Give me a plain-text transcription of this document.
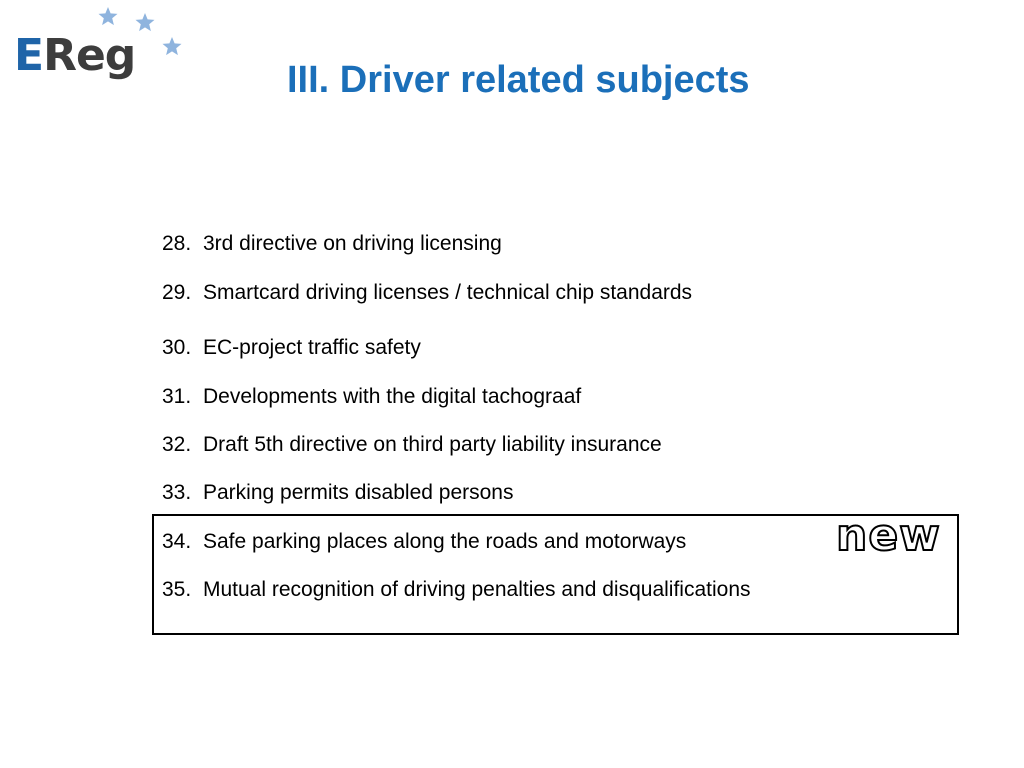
EReg	III. Driver related subjects
28. 3rd directive on driving licensing
29. Smartcard driving licenses / technical chip standards
30. EC-project traffic safety
31. Developments with the digital tachograaf
32. Draft 5th directive on third party liability insurance
33. Parking permits disabled persons
34. Safe parking places along the roads and motorways
35. Mutual recognition of driving penalties and disqualifications
new
